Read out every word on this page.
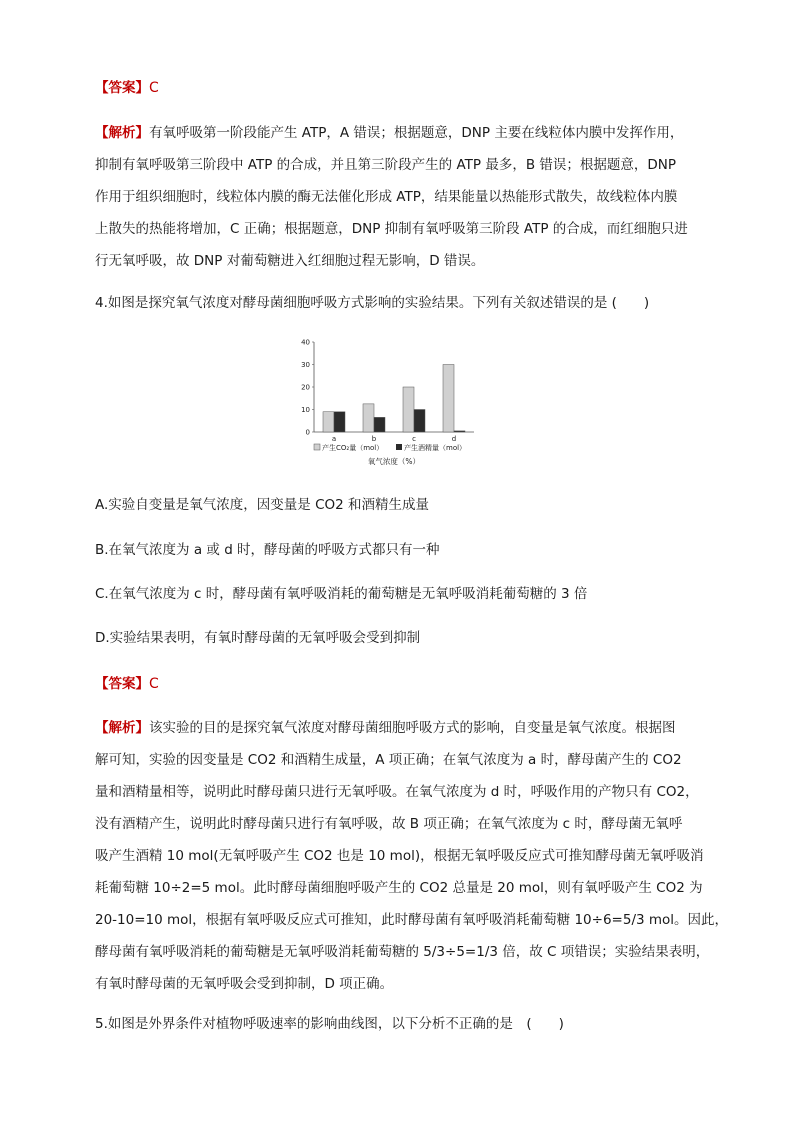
【答案】C
【解析】有氧呼吸第一阶段能产生 ATP，A 错误；根据题意，DNP 主要在线粒体内膜中发挥作用，
抑制有氧呼吸第三阶段中 ATP 的合成，并且第三阶段产生的 ATP 最多，B 错误；根据题意，DNP
作用于组织细胞时，线粒体内膜的酶无法催化形成 ATP，结果能量以热能形式散失，故线粒体内膜
上散失的热能将增加，C 正确；根据题意，DNP 抑制有氧呼吸第三阶段 ATP 的合成，而红细胞只进
行无氧呼吸，故 DNP 对葡萄糖进入红细胞过程无影响，D 错误。
4.如图是探究氧气浓度对酵母菌细胞呼吸方式影响的实验结果。下列有关叙述错误的是 (　　)
0
10
20
30
40
a	b	c	d
产生CO₂量（mol）	产生酒精量（mol）
氧气浓度（%）
A.实验自变量是氧气浓度，因变量是 CO2 和酒精生成量
B.在氧气浓度为 a 或 d 时，酵母菌的呼吸方式都只有一种
C.在氧气浓度为 c 时，酵母菌有氧呼吸消耗的葡萄糖是无氧呼吸消耗葡萄糖的 3 倍
D.实验结果表明，有氧时酵母菌的无氧呼吸会受到抑制
【答案】C
【解析】该实验的目的是探究氧气浓度对酵母菌细胞呼吸方式的影响，自变量是氧气浓度。根据图
解可知，实验的因变量是 CO2 和酒精生成量，A 项正确；在氧气浓度为 a 时，酵母菌产生的 CO2
量和酒精量相等，说明此时酵母菌只进行无氧呼吸。在氧气浓度为 d 时，呼吸作用的产物只有 CO2，
没有酒精产生，说明此时酵母菌只进行有氧呼吸，故 B 项正确；在氧气浓度为 c 时，酵母菌无氧呼
吸产生酒精 10 mol(无氧呼吸产生 CO2 也是 10 mol)，根据无氧呼吸反应式可推知酵母菌无氧呼吸消
耗葡萄糖 10÷2=5 mol。此时酵母菌细胞呼吸产生的 CO2 总量是 20 mol，则有氧呼吸产生 CO2 为
20-10=10 mol，根据有氧呼吸反应式可推知，此时酵母菌有氧呼吸消耗葡萄糖 10÷6=5/3 mol。因此，
酵母菌有氧呼吸消耗的葡萄糖是无氧呼吸消耗葡萄糖的 5/3÷5=1/3 倍，故 C 项错误；实验结果表明，
有氧时酵母菌的无氧呼吸会受到抑制，D 项正确。
5.如图是外界条件对植物呼吸速率的影响曲线图，以下分析不正确的是　(　　)
